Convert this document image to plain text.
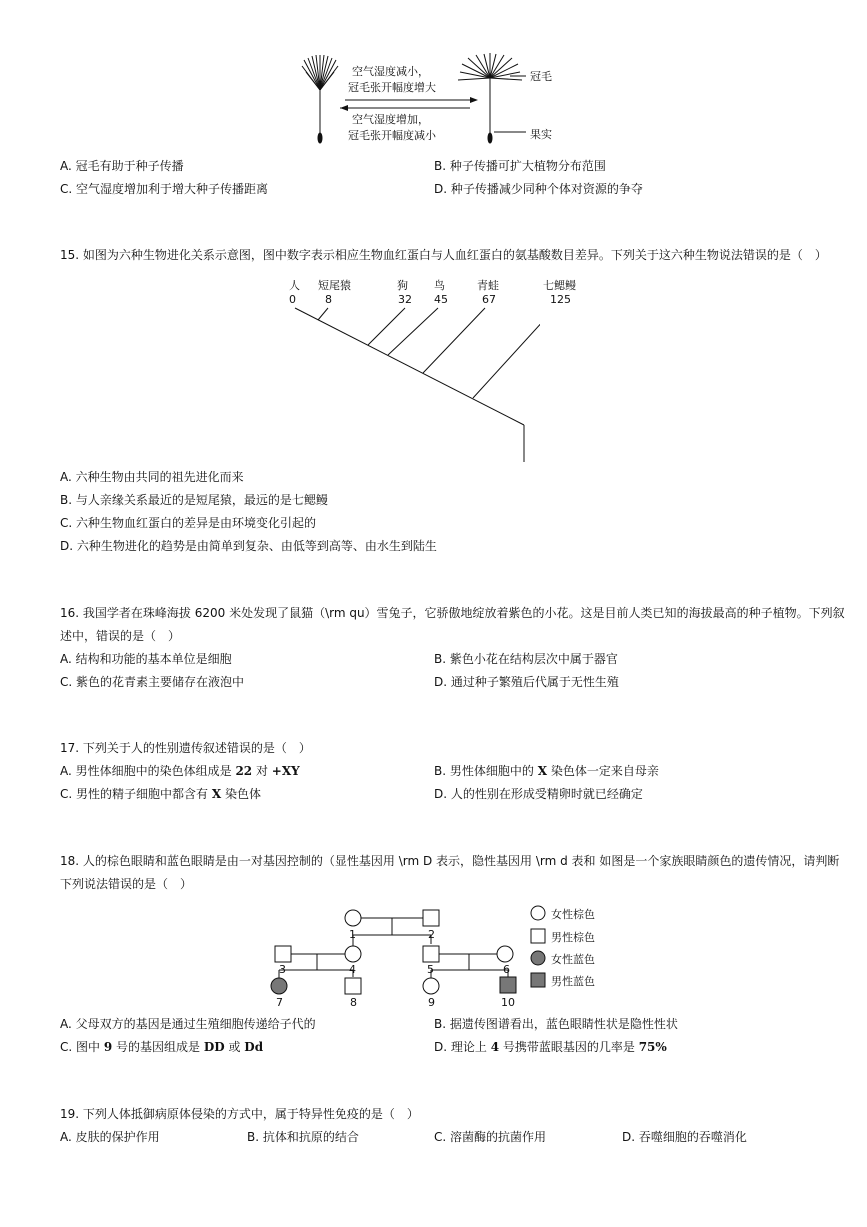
空气湿度减小，
冠毛张开幅度增大
空气湿度增加，
冠毛张开幅度减小
冠毛
果实
A. 冠毛有助于种子传播	B. 种子传播可扩大植物分布范围
C. 空气湿度增加利于增大种子传播距离	D. 种子传播减少同种个体对资源的争夺
15. 如图为六种生物进化关系示意图，图中数字表示相应生物血红蛋白与人血红蛋白的氨基酸数目差异。下列关于这六种生物说法错误的是（　）
人 短尾猿	狗 鸟	青蛙	七鳃鳗
0	8	32 45	67	125
A. 六种生物由共同的祖先进化而来
B. 与人亲缘关系最近的是短尾猿，最远的是七鳃鳗
C. 六种生物血红蛋白的差异是由环境变化引起的
D. 六种生物进化的趋势是由简单到复杂、由低等到高等、由水生到陆生
16. 我国学者在珠峰海拔 6200 米处发现了鼠猫（\rm qu）雪兔子，它骄傲地绽放着紫色的小花。这是目前人类已知的海拔最高的种子植物。下列叙
述中，错误的是（　）
A. 结构和功能的基本单位是细胞	B. 紫色小花在结构层次中属于器官
C. 紫色的花青素主要储存在液泡中	D. 通过种子繁殖后代属于无性生殖
17. 下列关于人的性别遗传叙述错误的是（　）
A. 男性体细胞中的染色体组成是 22 对 +XY	B. 男性体细胞中的 X 染色体一定来自母亲
C. 男性的精子细胞中都含有 X 染色体	D. 人的性别在形成受精卵时就已经确定
18. 人的棕色眼睛和蓝色眼睛是由一对基因控制的（显性基因用 \rm D 表示，隐性基因用 \rm d 表和 如图是一个家族眼睛颜色的遗传情况，请判断
下列说法错误的是（　）
1	2
3	4	5	6
7	8	9	10
女性棕色
男性棕色
女性蓝色
男性蓝色
A. 父母双方的基因是通过生殖细胞传递给子代的	B. 据遗传图谱看出，蓝色眼睛性状是隐性性状
C. 图中 9 号的基因组成是 DD 或 Dd	D. 理论上 4 号携带蓝眼基因的几率是 75%
19. 下列人体抵御病原体侵染的方式中，属于特异性免疫的是（　）
A. 皮肤的保护作用	B. 抗体和抗原的结合	C. 溶菌酶的抗菌作用	D. 吞噬细胞的吞噬消化
